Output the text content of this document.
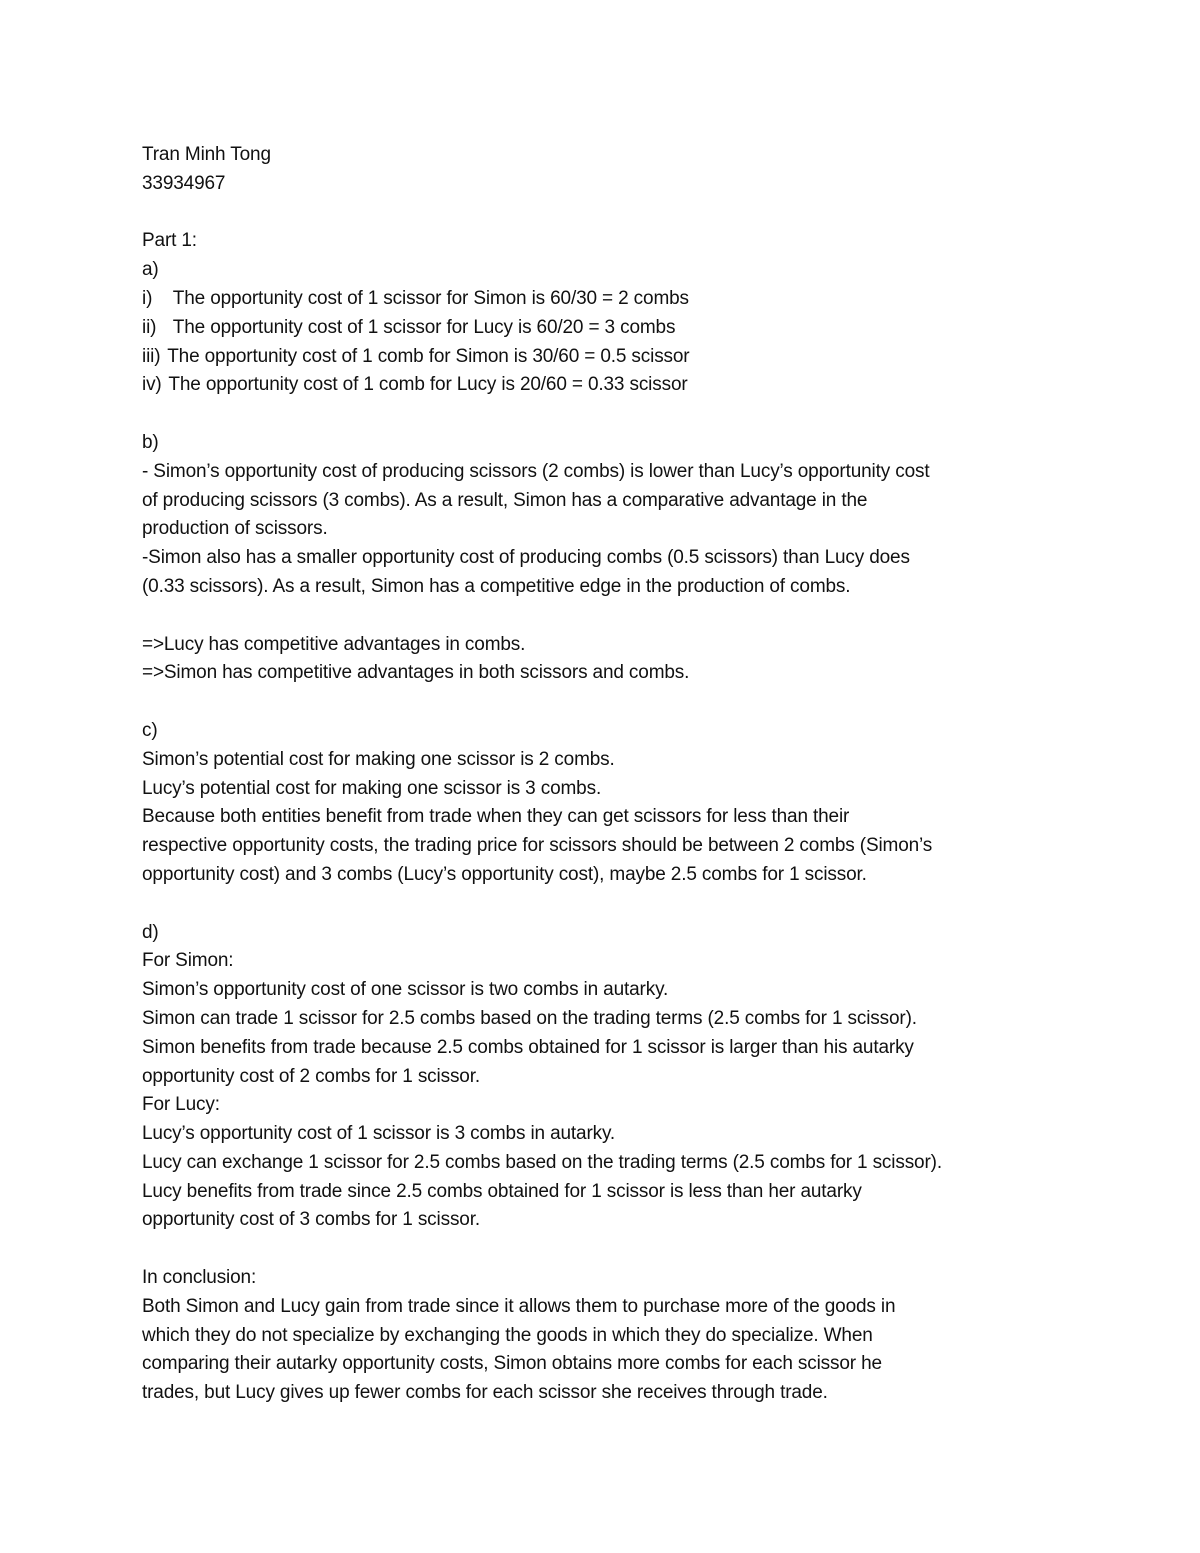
Tran Minh Tong
33934967
Part 1:
a)
i) The opportunity cost of 1 scissor for Simon is 60/30 = 2 combs
ii) The opportunity cost of 1 scissor for Lucy is 60/20 = 3 combs
iii) The opportunity cost of 1 comb for Simon is 30/60 = 0.5 scissor
iv) The opportunity cost of 1 comb for Lucy is 20/60 = 0.33 scissor
b)
- Simon’s opportunity cost of producing scissors (2 combs) is lower than Lucy’s opportunity cost
of producing scissors (3 combs). As a result, Simon has a comparative advantage in the
production of scissors.
-Simon also has a smaller opportunity cost of producing combs (0.5 scissors) than Lucy does
(0.33 scissors). As a result, Simon has a competitive edge in the production of combs.
=>Lucy has competitive advantages in combs.
=>Simon has competitive advantages in both scissors and combs.
c)
Simon’s potential cost for making one scissor is 2 combs.
Lucy’s potential cost for making one scissor is 3 combs.
Because both entities benefit from trade when they can get scissors for less than their
respective opportunity costs, the trading price for scissors should be between 2 combs (Simon’s
opportunity cost) and 3 combs (Lucy’s opportunity cost), maybe 2.5 combs for 1 scissor.
d)
For Simon:
Simon’s opportunity cost of one scissor is two combs in autarky.
Simon can trade 1 scissor for 2.5 combs based on the trading terms (2.5 combs for 1 scissor).
Simon benefits from trade because 2.5 combs obtained for 1 scissor is larger than his autarky
opportunity cost of 2 combs for 1 scissor.
For Lucy:
Lucy’s opportunity cost of 1 scissor is 3 combs in autarky.
Lucy can exchange 1 scissor for 2.5 combs based on the trading terms (2.5 combs for 1 scissor).
Lucy benefits from trade since 2.5 combs obtained for 1 scissor is less than her autarky
opportunity cost of 3 combs for 1 scissor.
In conclusion:
Both Simon and Lucy gain from trade since it allows them to purchase more of the goods in
which they do not specialize by exchanging the goods in which they do specialize. When
comparing their autarky opportunity costs, Simon obtains more combs for each scissor he
trades, but Lucy gives up fewer combs for each scissor she receives through trade.
